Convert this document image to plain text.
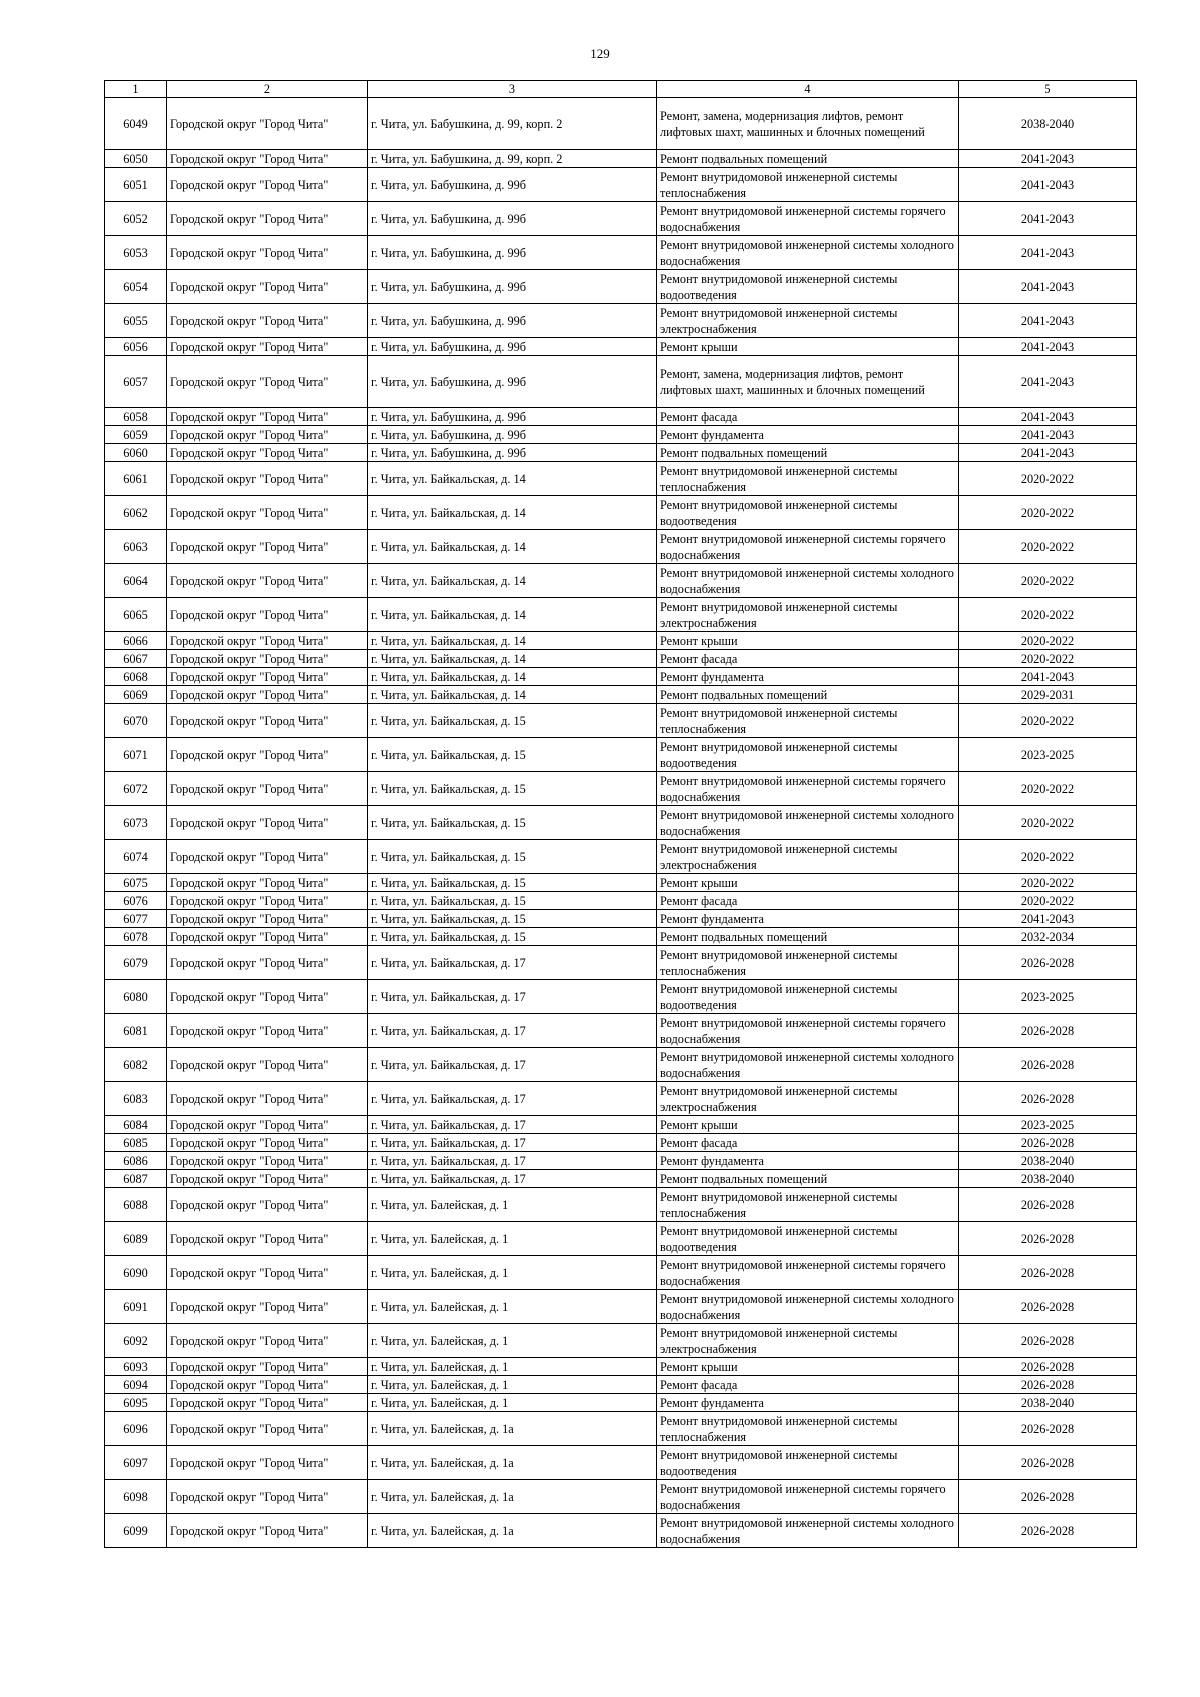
129
1	2	3	4	5
6049	Городской округ "Город Чита"	г. Чита, ул. Бабушкина, д. 99, корп. 2	Ремонт, замена, модернизация лифтов, ремонт лифтовых шахт, машинных и блочных помещений	2038-2040
6050	Городской округ "Город Чита"	г. Чита, ул. Бабушкина, д. 99, корп. 2	Ремонт подвальных помещений	2041-2043
6051	Городской округ "Город Чита"	г. Чита, ул. Бабушкина, д. 99б	Ремонт внутридомовой инженерной системы теплоснабжения	2041-2043
6052	Городской округ "Город Чита"	г. Чита, ул. Бабушкина, д. 99б	Ремонт внутридомовой инженерной системы горячего водоснабжения	2041-2043
6053	Городской округ "Город Чита"	г. Чита, ул. Бабушкина, д. 99б	Ремонт внутридомовой инженерной системы холодного водоснабжения	2041-2043
6054	Городской округ "Город Чита"	г. Чита, ул. Бабушкина, д. 99б	Ремонт внутридомовой инженерной системы водоотведения	2041-2043
6055	Городской округ "Город Чита"	г. Чита, ул. Бабушкина, д. 99б	Ремонт внутридомовой инженерной системы электроснабжения	2041-2043
6056	Городской округ "Город Чита"	г. Чита, ул. Бабушкина, д. 99б	Ремонт крыши	2041-2043
6057	Городской округ "Город Чита"	г. Чита, ул. Бабушкина, д. 99б	Ремонт, замена, модернизация лифтов, ремонт лифтовых шахт, машинных и блочных помещений	2041-2043
6058	Городской округ "Город Чита"	г. Чита, ул. Бабушкина, д. 99б	Ремонт фасада	2041-2043
6059	Городской округ "Город Чита"	г. Чита, ул. Бабушкина, д. 99б	Ремонт фундамента	2041-2043
6060	Городской округ "Город Чита"	г. Чита, ул. Бабушкина, д. 99б	Ремонт подвальных помещений	2041-2043
6061	Городской округ "Город Чита"	г. Чита, ул. Байкальская, д. 14	Ремонт внутридомовой инженерной системы теплоснабжения	2020-2022
6062	Городской округ "Город Чита"	г. Чита, ул. Байкальская, д. 14	Ремонт внутридомовой инженерной системы водоотведения	2020-2022
6063	Городской округ "Город Чита"	г. Чита, ул. Байкальская, д. 14	Ремонт внутридомовой инженерной системы горячего водоснабжения	2020-2022
6064	Городской округ "Город Чита"	г. Чита, ул. Байкальская, д. 14	Ремонт внутридомовой инженерной системы холодного водоснабжения	2020-2022
6065	Городской округ "Город Чита"	г. Чита, ул. Байкальская, д. 14	Ремонт внутридомовой инженерной системы электроснабжения	2020-2022
6066	Городской округ "Город Чита"	г. Чита, ул. Байкальская, д. 14	Ремонт крыши	2020-2022
6067	Городской округ "Город Чита"	г. Чита, ул. Байкальская, д. 14	Ремонт фасада	2020-2022
6068	Городской округ "Город Чита"	г. Чита, ул. Байкальская, д. 14	Ремонт фундамента	2041-2043
6069	Городской округ "Город Чита"	г. Чита, ул. Байкальская, д. 14	Ремонт подвальных помещений	2029-2031
6070	Городской округ "Город Чита"	г. Чита, ул. Байкальская, д. 15	Ремонт внутридомовой инженерной системы теплоснабжения	2020-2022
6071	Городской округ "Город Чита"	г. Чита, ул. Байкальская, д. 15	Ремонт внутридомовой инженерной системы водоотведения	2023-2025
6072	Городской округ "Город Чита"	г. Чита, ул. Байкальская, д. 15	Ремонт внутридомовой инженерной системы горячего водоснабжения	2020-2022
6073	Городской округ "Город Чита"	г. Чита, ул. Байкальская, д. 15	Ремонт внутридомовой инженерной системы холодного водоснабжения	2020-2022
6074	Городской округ "Город Чита"	г. Чита, ул. Байкальская, д. 15	Ремонт внутридомовой инженерной системы электроснабжения	2020-2022
6075	Городской округ "Город Чита"	г. Чита, ул. Байкальская, д. 15	Ремонт крыши	2020-2022
6076	Городской округ "Город Чита"	г. Чита, ул. Байкальская, д. 15	Ремонт фасада	2020-2022
6077	Городской округ "Город Чита"	г. Чита, ул. Байкальская, д. 15	Ремонт фундамента	2041-2043
6078	Городской округ "Город Чита"	г. Чита, ул. Байкальская, д. 15	Ремонт подвальных помещений	2032-2034
6079	Городской округ "Город Чита"	г. Чита, ул. Байкальская, д. 17	Ремонт внутридомовой инженерной системы теплоснабжения	2026-2028
6080	Городской округ "Город Чита"	г. Чита, ул. Байкальская, д. 17	Ремонт внутридомовой инженерной системы водоотведения	2023-2025
6081	Городской округ "Город Чита"	г. Чита, ул. Байкальская, д. 17	Ремонт внутридомовой инженерной системы горячего водоснабжения	2026-2028
6082	Городской округ "Город Чита"	г. Чита, ул. Байкальская, д. 17	Ремонт внутридомовой инженерной системы холодного водоснабжения	2026-2028
6083	Городской округ "Город Чита"	г. Чита, ул. Байкальская, д. 17	Ремонт внутридомовой инженерной системы электроснабжения	2026-2028
6084	Городской округ "Город Чита"	г. Чита, ул. Байкальская, д. 17	Ремонт крыши	2023-2025
6085	Городской округ "Город Чита"	г. Чита, ул. Байкальская, д. 17	Ремонт фасада	2026-2028
6086	Городской округ "Город Чита"	г. Чита, ул. Байкальская, д. 17	Ремонт фундамента	2038-2040
6087	Городской округ "Город Чита"	г. Чита, ул. Байкальская, д. 17	Ремонт подвальных помещений	2038-2040
6088	Городской округ "Город Чита"	г. Чита, ул. Балейская, д. 1	Ремонт внутридомовой инженерной системы теплоснабжения	2026-2028
6089	Городской округ "Город Чита"	г. Чита, ул. Балейская, д. 1	Ремонт внутридомовой инженерной системы водоотведения	2026-2028
6090	Городской округ "Город Чита"	г. Чита, ул. Балейская, д. 1	Ремонт внутридомовой инженерной системы горячего водоснабжения	2026-2028
6091	Городской округ "Город Чита"	г. Чита, ул. Балейская, д. 1	Ремонт внутридомовой инженерной системы холодного водоснабжения	2026-2028
6092	Городской округ "Город Чита"	г. Чита, ул. Балейская, д. 1	Ремонт внутридомовой инженерной системы электроснабжения	2026-2028
6093	Городской округ "Город Чита"	г. Чита, ул. Балейская, д. 1	Ремонт крыши	2026-2028
6094	Городской округ "Город Чита"	г. Чита, ул. Балейская, д. 1	Ремонт фасада	2026-2028
6095	Городской округ "Город Чита"	г. Чита, ул. Балейская, д. 1	Ремонт фундамента	2038-2040
6096	Городской округ "Город Чита"	г. Чита, ул. Балейская, д. 1а	Ремонт внутридомовой инженерной системы теплоснабжения	2026-2028
6097	Городской округ "Город Чита"	г. Чита, ул. Балейская, д. 1а	Ремонт внутридомовой инженерной системы водоотведения	2026-2028
6098	Городской округ "Город Чита"	г. Чита, ул. Балейская, д. 1а	Ремонт внутридомовой инженерной системы горячего водоснабжения	2026-2028
6099	Городской округ "Город Чита"	г. Чита, ул. Балейская, д. 1а	Ремонт внутридомовой инженерной системы холодного водоснабжения	2026-2028
